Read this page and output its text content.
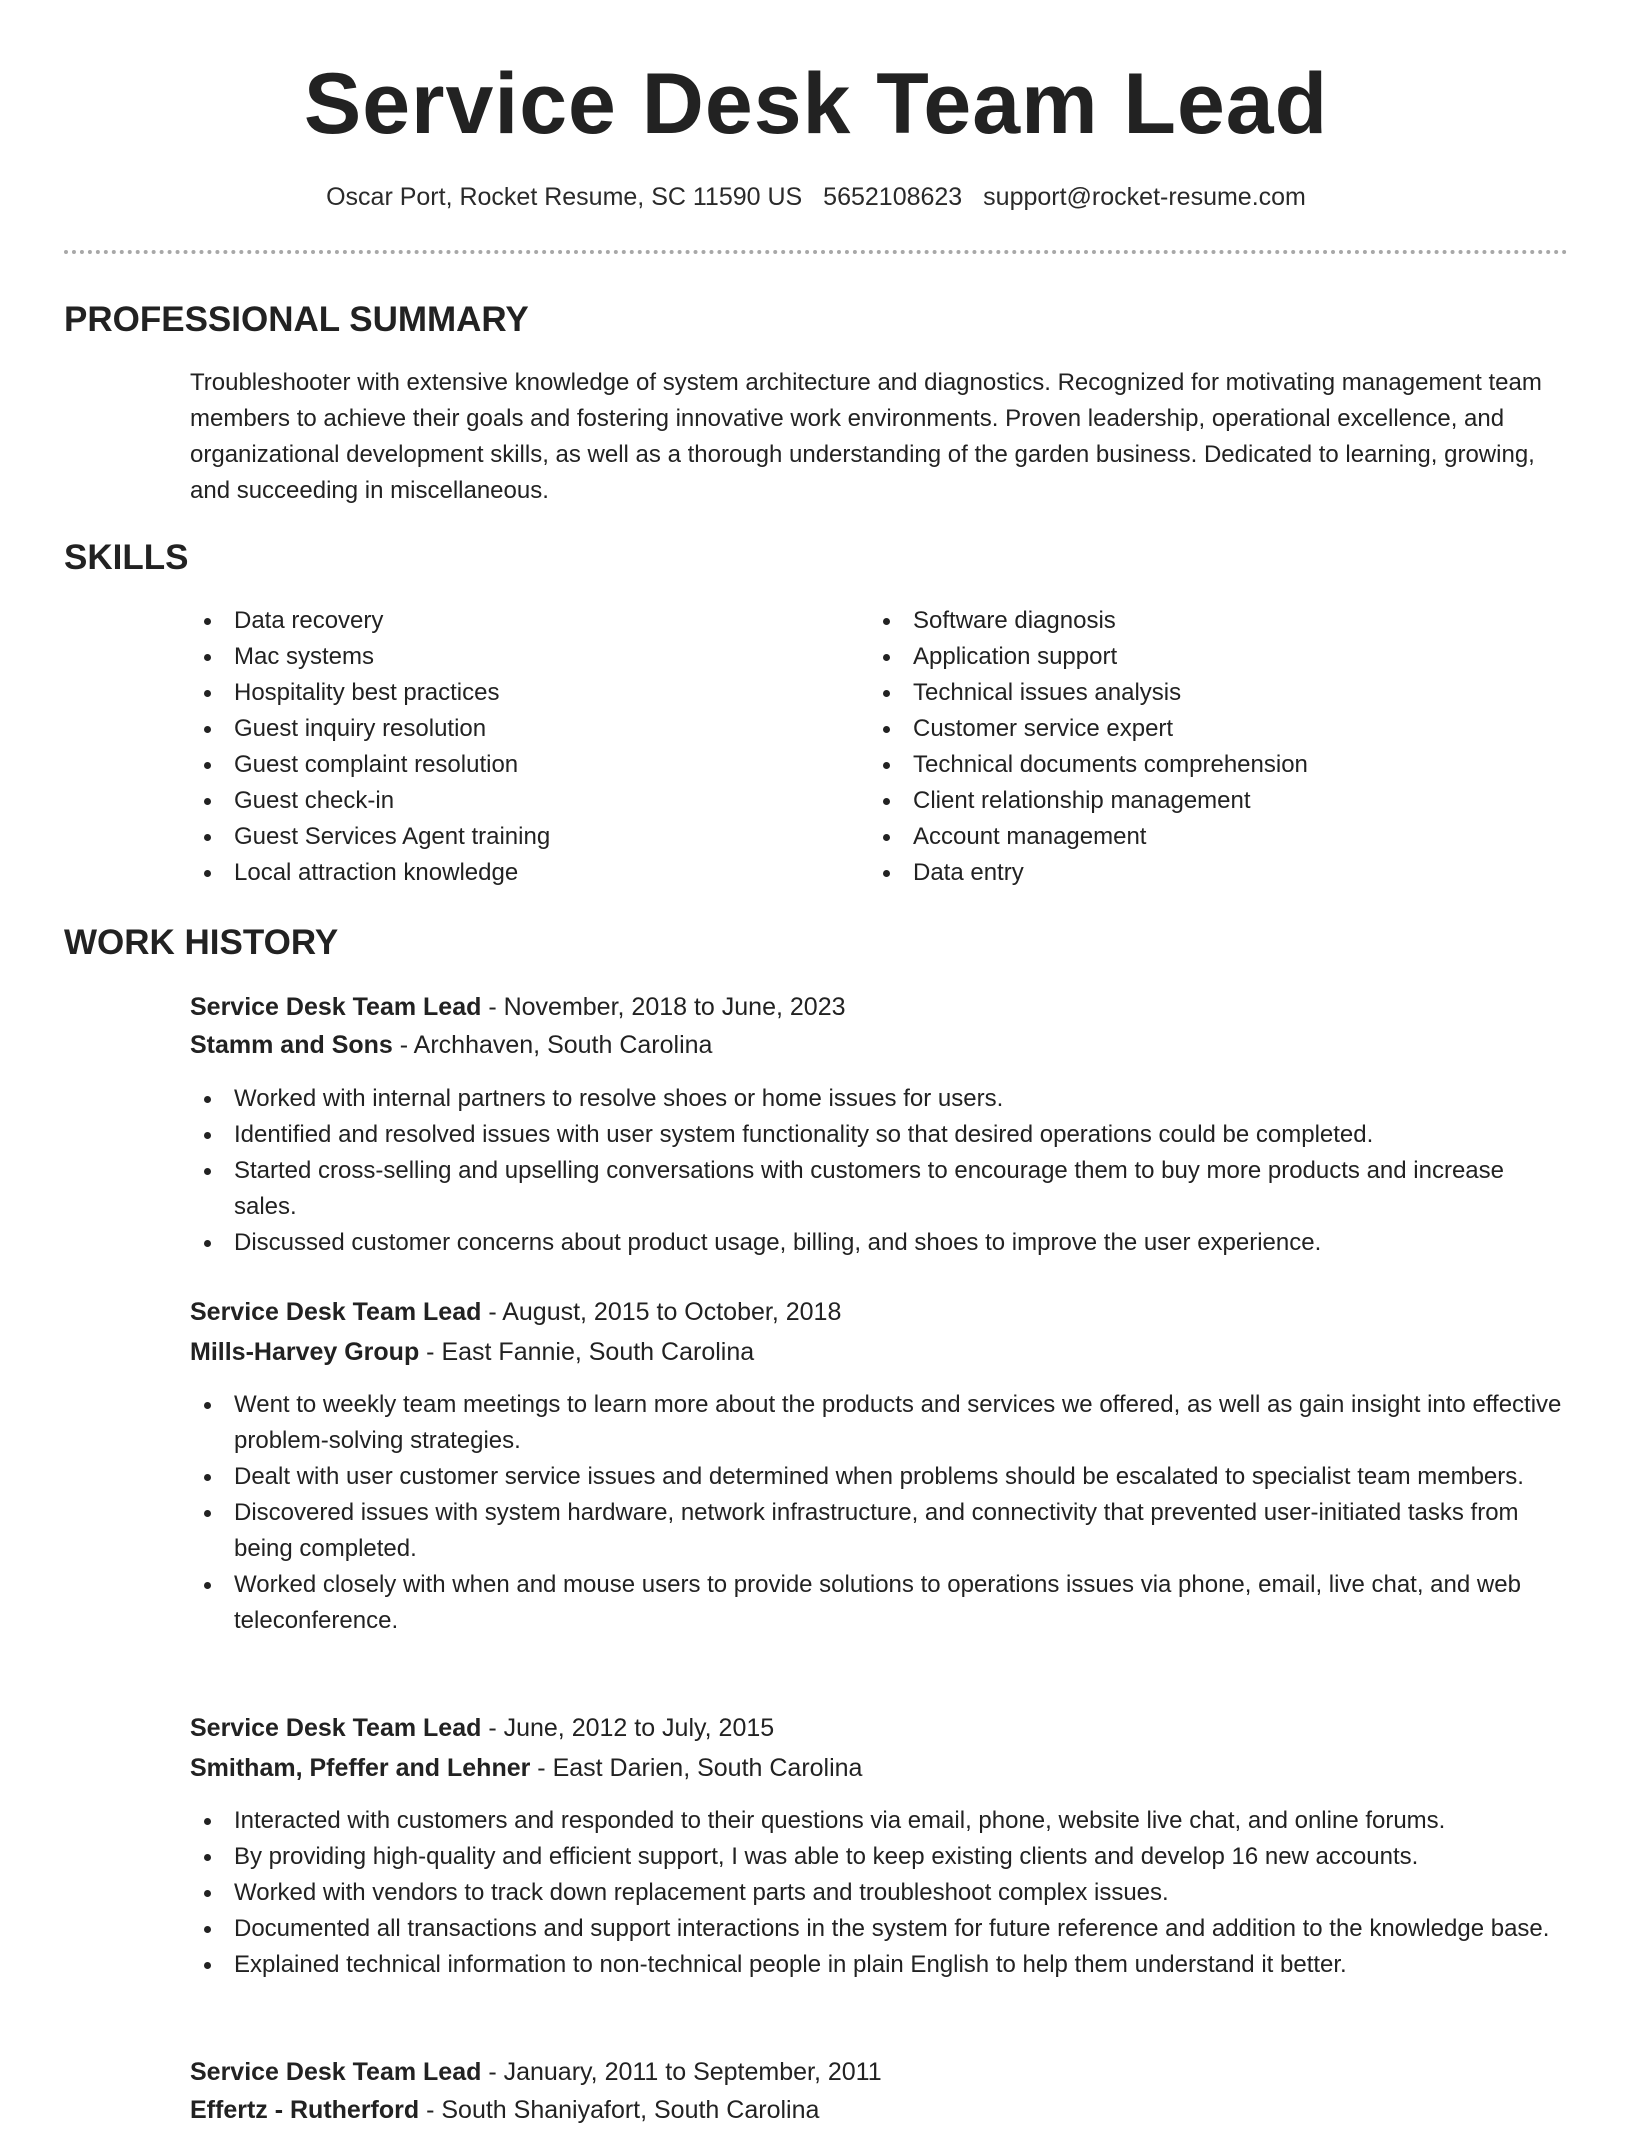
Service Desk Team Lead
Oscar Port, Rocket Resume, SC 11590 US 5652108623 support@rocket-resume.com
PROFESSIONAL SUMMARY

Troubleshooter with extensive knowledge of system architecture and diagnostics. Recognized for motivating management team members to achieve their goals and fostering innovative work environments. Proven leadership, operational excellence, and organizational development skills, as well as a thorough understanding of the garden business. Dedicated to learning, growing, and succeeding in miscellaneous.

SKILLS
Data recovery
Mac systems
Hospitality best practices
Guest inquiry resolution
Guest complaint resolution
Guest check-in
Guest Services Agent training
Local attraction knowledge
Software diagnosis
Application support
Technical issues analysis
Customer service expert
Technical documents comprehension
Client relationship management
Account management
Data entry
WORK HISTORY
Service Desk Team Lead - November, 2018 to June, 2023
Stamm and Sons - Archhaven, South Carolina
Worked with internal partners to resolve shoes or home issues for users.
Identified and resolved issues with user system functionality so that desired operations could be completed.
Started cross-selling and upselling conversations with customers to encourage them to buy more products and increase sales.
Discussed customer concerns about product usage, billing, and shoes to improve the user experience.
Service Desk Team Lead - August, 2015 to October, 2018
Mills-Harvey Group - East Fannie, South Carolina
Went to weekly team meetings to learn more about the products and services we offered, as well as gain insight into effective problem-solving strategies.
Dealt with user customer service issues and determined when problems should be escalated to specialist team members.
Discovered issues with system hardware, network infrastructure, and connectivity that prevented user-initiated tasks from being completed.
Worked closely with when and mouse users to provide solutions to operations issues via phone, email, live chat, and web teleconference.
Service Desk Team Lead - June, 2012 to July, 2015
Smitham, Pfeffer and Lehner - East Darien, South Carolina
Interacted with customers and responded to their questions via email, phone, website live chat, and online forums.
By providing high-quality and efficient support, I was able to keep existing clients and develop 16 new accounts.
Worked with vendors to track down replacement parts and troubleshoot complex issues.
Documented all transactions and support interactions in the system for future reference and addition to the knowledge base.
Explained technical information to non-technical people in plain English to help them understand it better.
Service Desk Team Lead - January, 2011 to September, 2011
Effertz - Rutherford - South Shaniyafort, South Carolina
